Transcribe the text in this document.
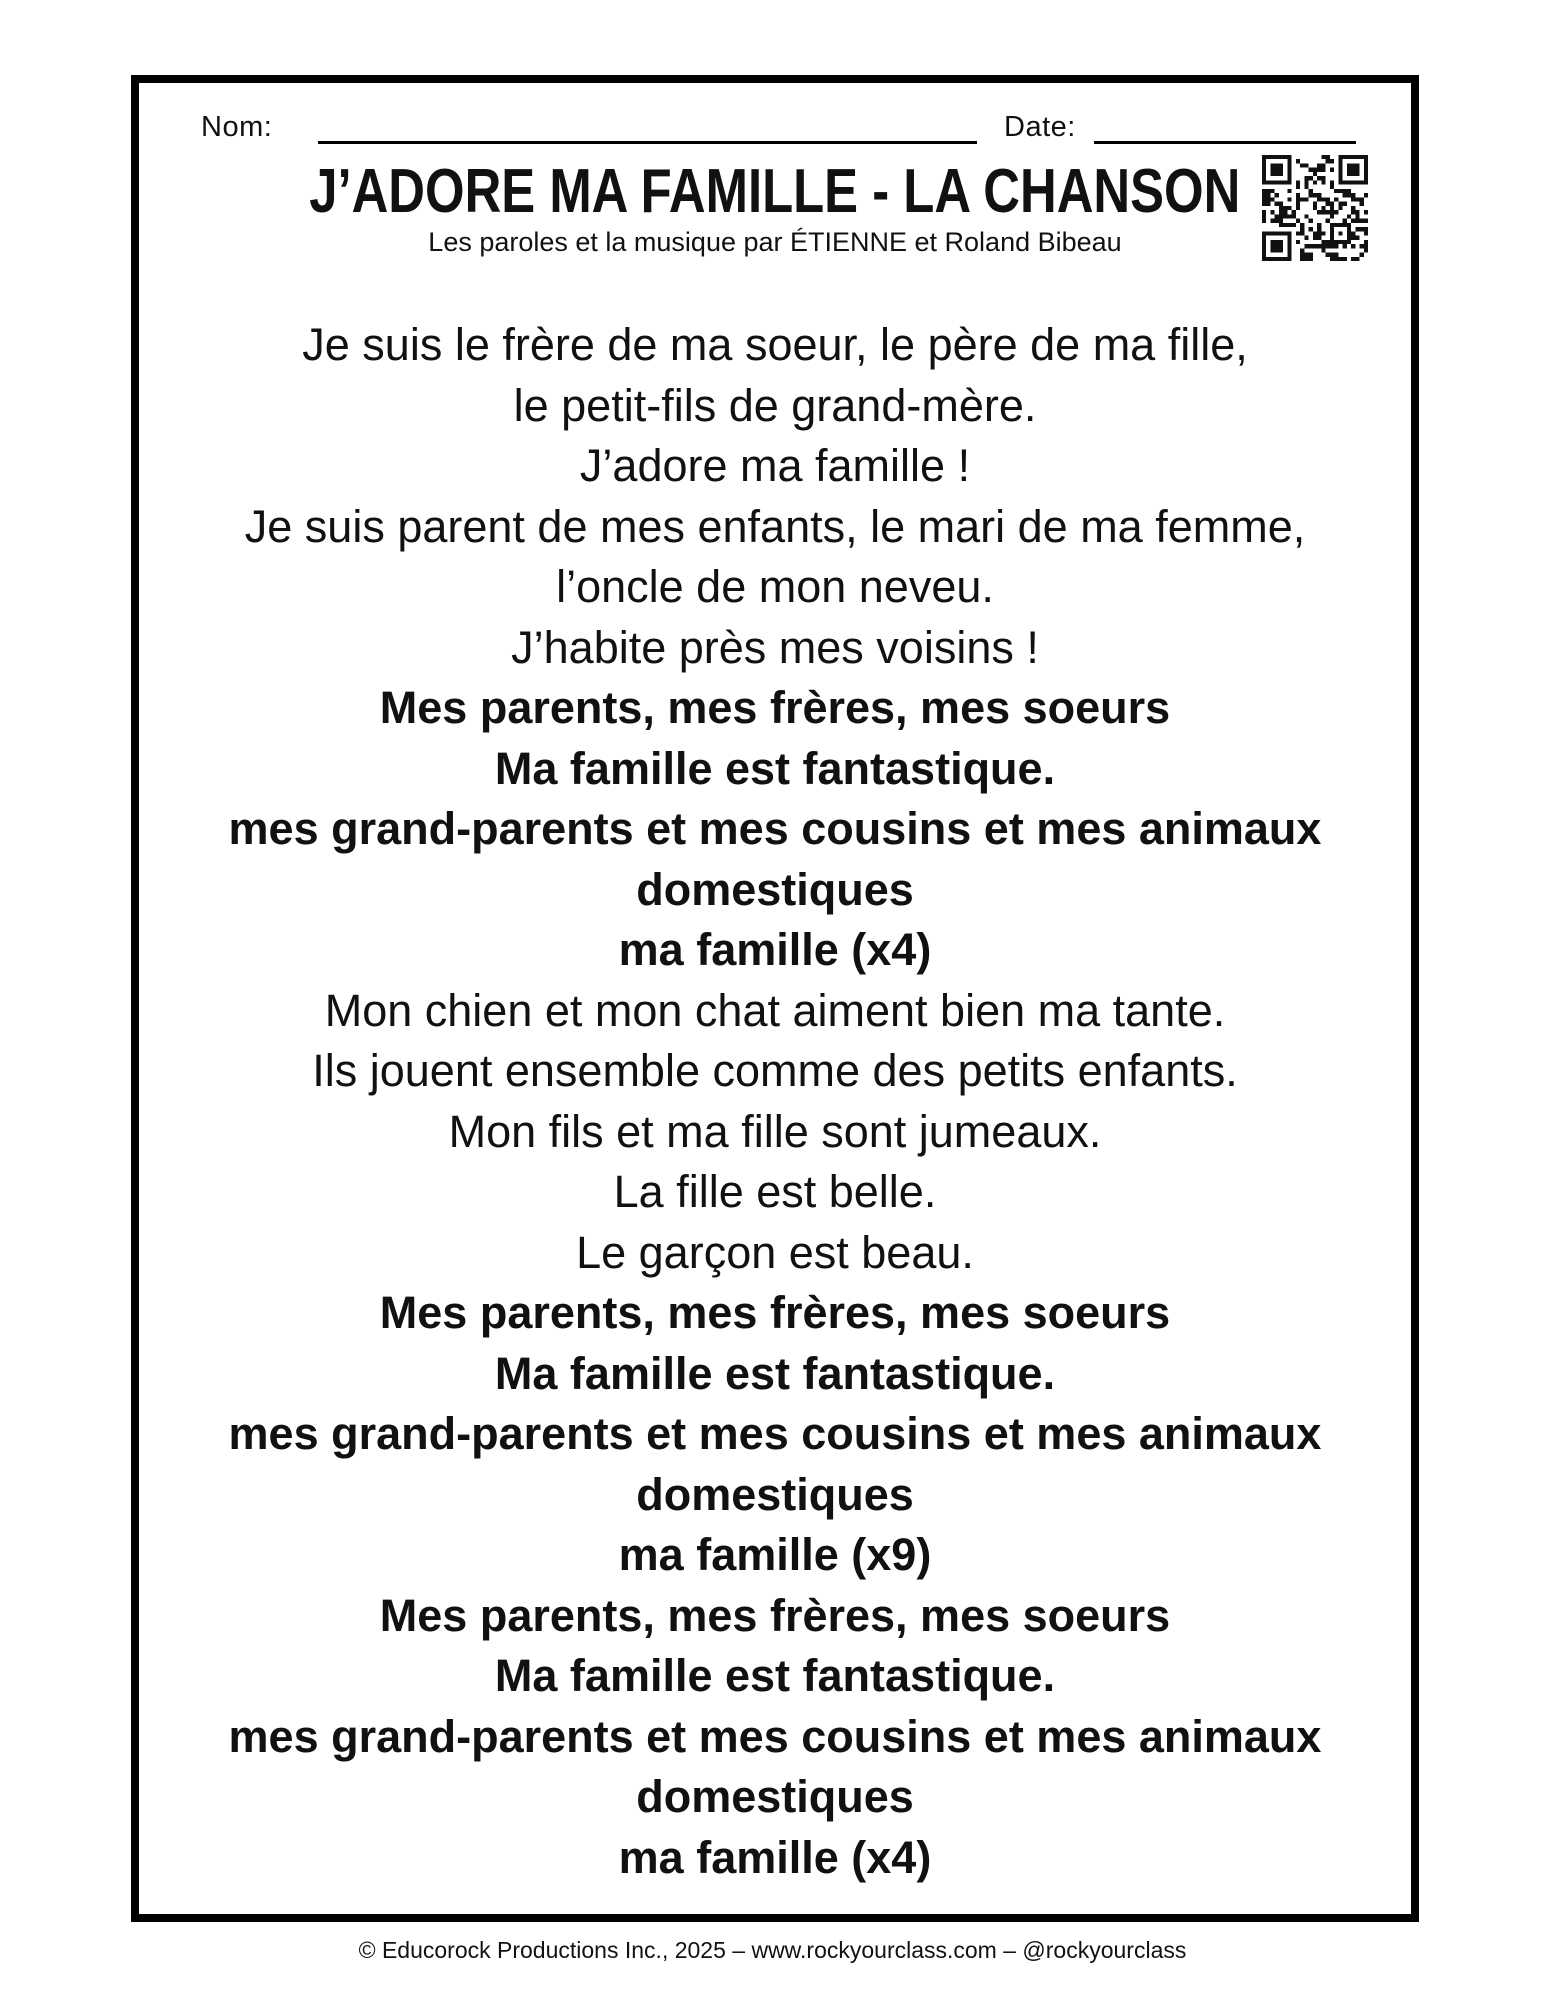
Nom:	Date:
J’ADORE MA FAMILLE - LA CHANSON
Les paroles et la musique par ÉTIENNE et Roland Bibeau
Je suis le frère de ma soeur, le père de ma fille,
le petit-fils de grand-mère.
J’adore ma famille !
Je suis parent de mes enfants, le mari de ma femme,
l’oncle de mon neveu.
J’habite près mes voisins !
Mes parents, mes frères, mes soeurs
Ma famille est fantastique.
mes grand-parents et mes cousins et mes animaux
domestiques
ma famille (x4)
Mon chien et mon chat aiment bien ma tante.
Ils jouent ensemble comme des petits enfants.
Mon fils et ma fille sont jumeaux.
La fille est belle.
Le garçon est beau.
Mes parents, mes frères, mes soeurs
Ma famille est fantastique.
mes grand-parents et mes cousins et mes animaux
domestiques
ma famille (x9)
Mes parents, mes frères, mes soeurs
Ma famille est fantastique.
mes grand-parents et mes cousins et mes animaux
domestiques
ma famille (x4)
© Educorock Productions Inc., 2025 – www.rockyourclass.com – @rockyourclass
